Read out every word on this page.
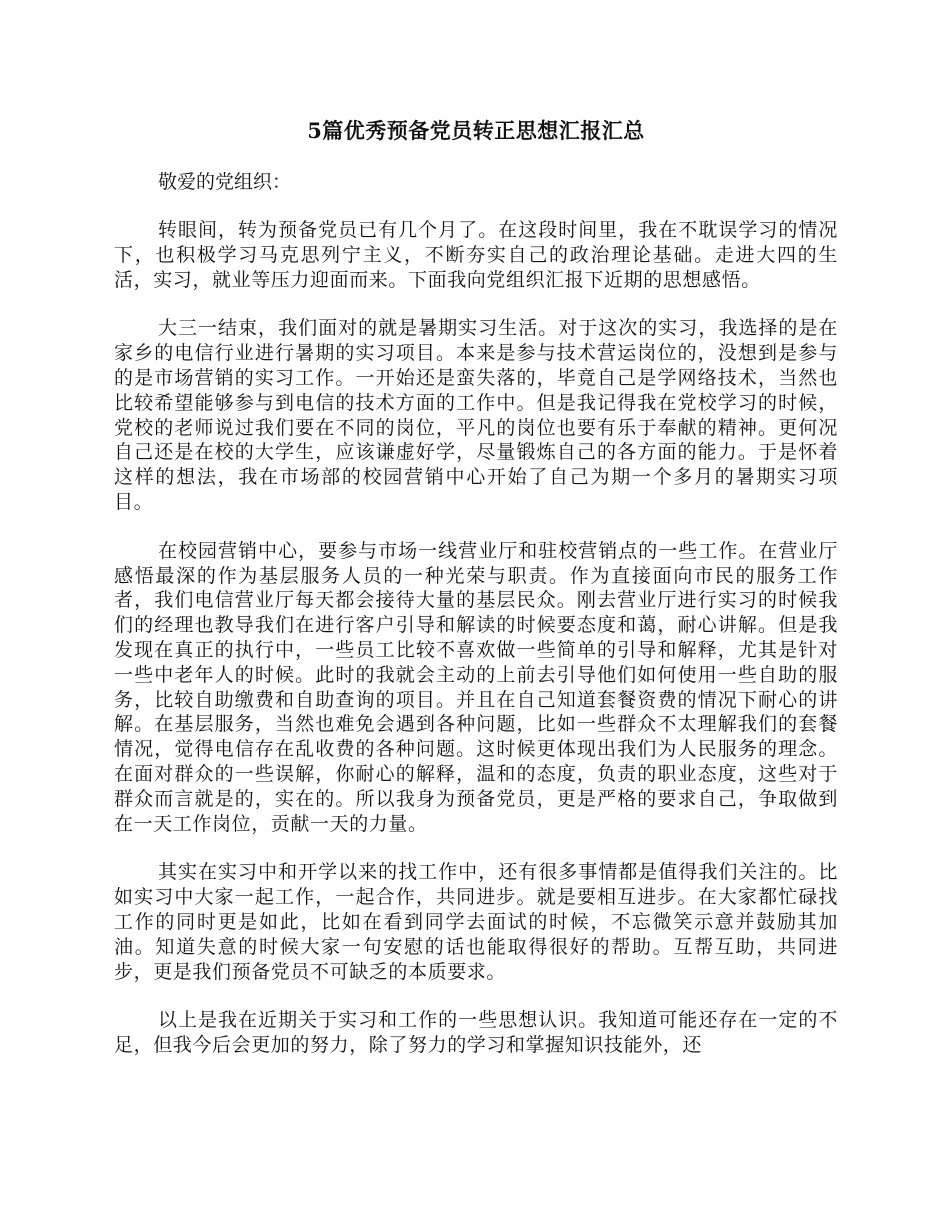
5篇优秀预备党员转正思想汇报汇总

敬爱的党组织：

转眼间，转为预备党员已有几个月了。在这段时间里，我在不耽误学习的情况下，也积极学习马克思列宁主义，不断夯实自己的政治理论基础。走进大四的生活，实习，就业等压力迎面而来。下面我向党组织汇报下近期的思想感悟。

大三一结束，我们面对的就是暑期实习生活。对于这次的实习，我选择的是在家乡的电信行业进行暑期的实习项目。本来是参与技术营运岗位的，没想到是参与的是市场营销的实习工作。一开始还是蛮失落的，毕竟自己是学网络技术，当然也比较希望能够参与到电信的技术方面的工作中。但是我记得我在党校学习的时候，党校的老师说过我们要在不同的岗位，平凡的岗位也要有乐于奉献的精神。更何况自己还是在校的大学生，应该谦虚好学，尽量锻炼自己的各方面的能力。于是怀着这样的想法，我在市场部的校园营销中心开始了自己为期一个多月的暑期实习项目。

在校园营销中心，要参与市场一线营业厅和驻校营销点的一些工作。在营业厅感悟最深的作为基层服务人员的一种光荣与职责。作为直接面向市民的服务工作者，我们电信营业厅每天都会接待大量的基层民众。刚去营业厅进行实习的时候我们的经理也教导我们在进行客户引导和解读的时候要态度和蔼，耐心讲解。但是我发现在真正的执行中，一些员工比较不喜欢做一些简单的引导和解释，尤其是针对一些中老年人的时候。此时的我就会主动的上前去引导他们如何使用一些自助的服务，比较自助缴费和自助查询的项目。并且在自己知道套餐资费的情况下耐心的讲解。在基层服务，当然也难免会遇到各种问题，比如一些群众不太理解我们的套餐情况，觉得电信存在乱收费的各种问题。这时候更体现出我们为人民服务的理念。在面对群众的一些误解，你耐心的解释，温和的态度，负责的职业态度，这些对于群众而言就是的，实在的。所以我身为预备党员，更是严格的要求自己，争取做到在一天工作岗位，贡献一天的力量。

其实在实习中和开学以来的找工作中，还有很多事情都是值得我们关注的。比如实习中大家一起工作，一起合作，共同进步。就是要相互进步。在大家都忙碌找工作的同时更是如此，比如在看到同学去面试的时候，不忘微笑示意并鼓励其加油。知道失意的时候大家一句安慰的话也能取得很好的帮助。互帮互助，共同进步，更是我们预备党员不可缺乏的本质要求。

以上是我在近期关于实习和工作的一些思想认识。我知道可能还存在一定的不足，但我今后会更加的努力，除了努力的学习和掌握知识技能外，还
